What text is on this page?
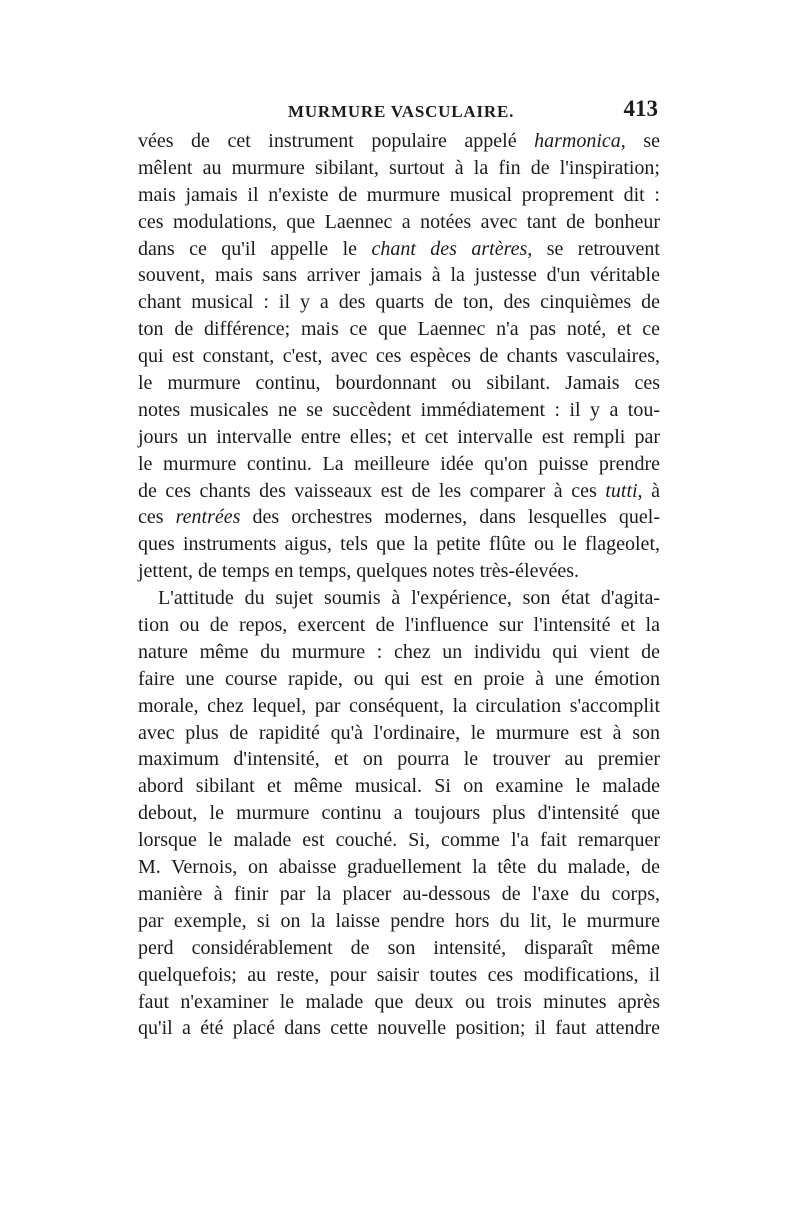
MURMURE VASCULAIRE.	413
vées de cet instrument populaire appelé harmonica, se
mêlent au murmure sibilant, surtout à la fin de l'inspiration;
mais jamais il n'existe de murmure musical proprement dit :
ces modulations, que Laennec a notées avec tant de bonheur
dans ce qu'il appelle le chant des artères, se retrouvent
souvent, mais sans arriver jamais à la justesse d'un véritable
chant musical : il y a des quarts de ton, des cinquièmes de
ton de différence; mais ce que Laennec n'a pas noté, et ce
qui est constant, c'est, avec ces espèces de chants vasculaires,
le murmure continu, bourdonnant ou sibilant. Jamais ces
notes musicales ne se succèdent immédiatement : il y a tou-
jours un intervalle entre elles; et cet intervalle est rempli par
le murmure continu. La meilleure idée qu'on puisse prendre
de ces chants des vaisseaux est de les comparer à ces tutti, à
ces rentrées des orchestres modernes, dans lesquelles quel-
ques instruments aigus, tels que la petite flûte ou le flageolet,
jettent, de temps en temps, quelques notes très-élevées.
L'attitude du sujet soumis à l'expérience, son état d'agita-
tion ou de repos, exercent de l'influence sur l'intensité et la
nature même du murmure : chez un individu qui vient de
faire une course rapide, ou qui est en proie à une émotion
morale, chez lequel, par conséquent, la circulation s'accomplit
avec plus de rapidité qu'à l'ordinaire, le murmure est à son
maximum d'intensité, et on pourra le trouver au premier
abord sibilant et même musical. Si on examine le malade
debout, le murmure continu a toujours plus d'intensité que
lorsque le malade est couché. Si, comme l'a fait remarquer
M. Vernois, on abaisse graduellement la tête du malade, de
manière à finir par la placer au-dessous de l'axe du corps,
par exemple, si on la laisse pendre hors du lit, le murmure
perd considérablement de son intensité, disparaît même
quelquefois; au reste, pour saisir toutes ces modifications, il
faut n'examiner le malade que deux ou trois minutes après
qu'il a été placé dans cette nouvelle position; il faut attendre
